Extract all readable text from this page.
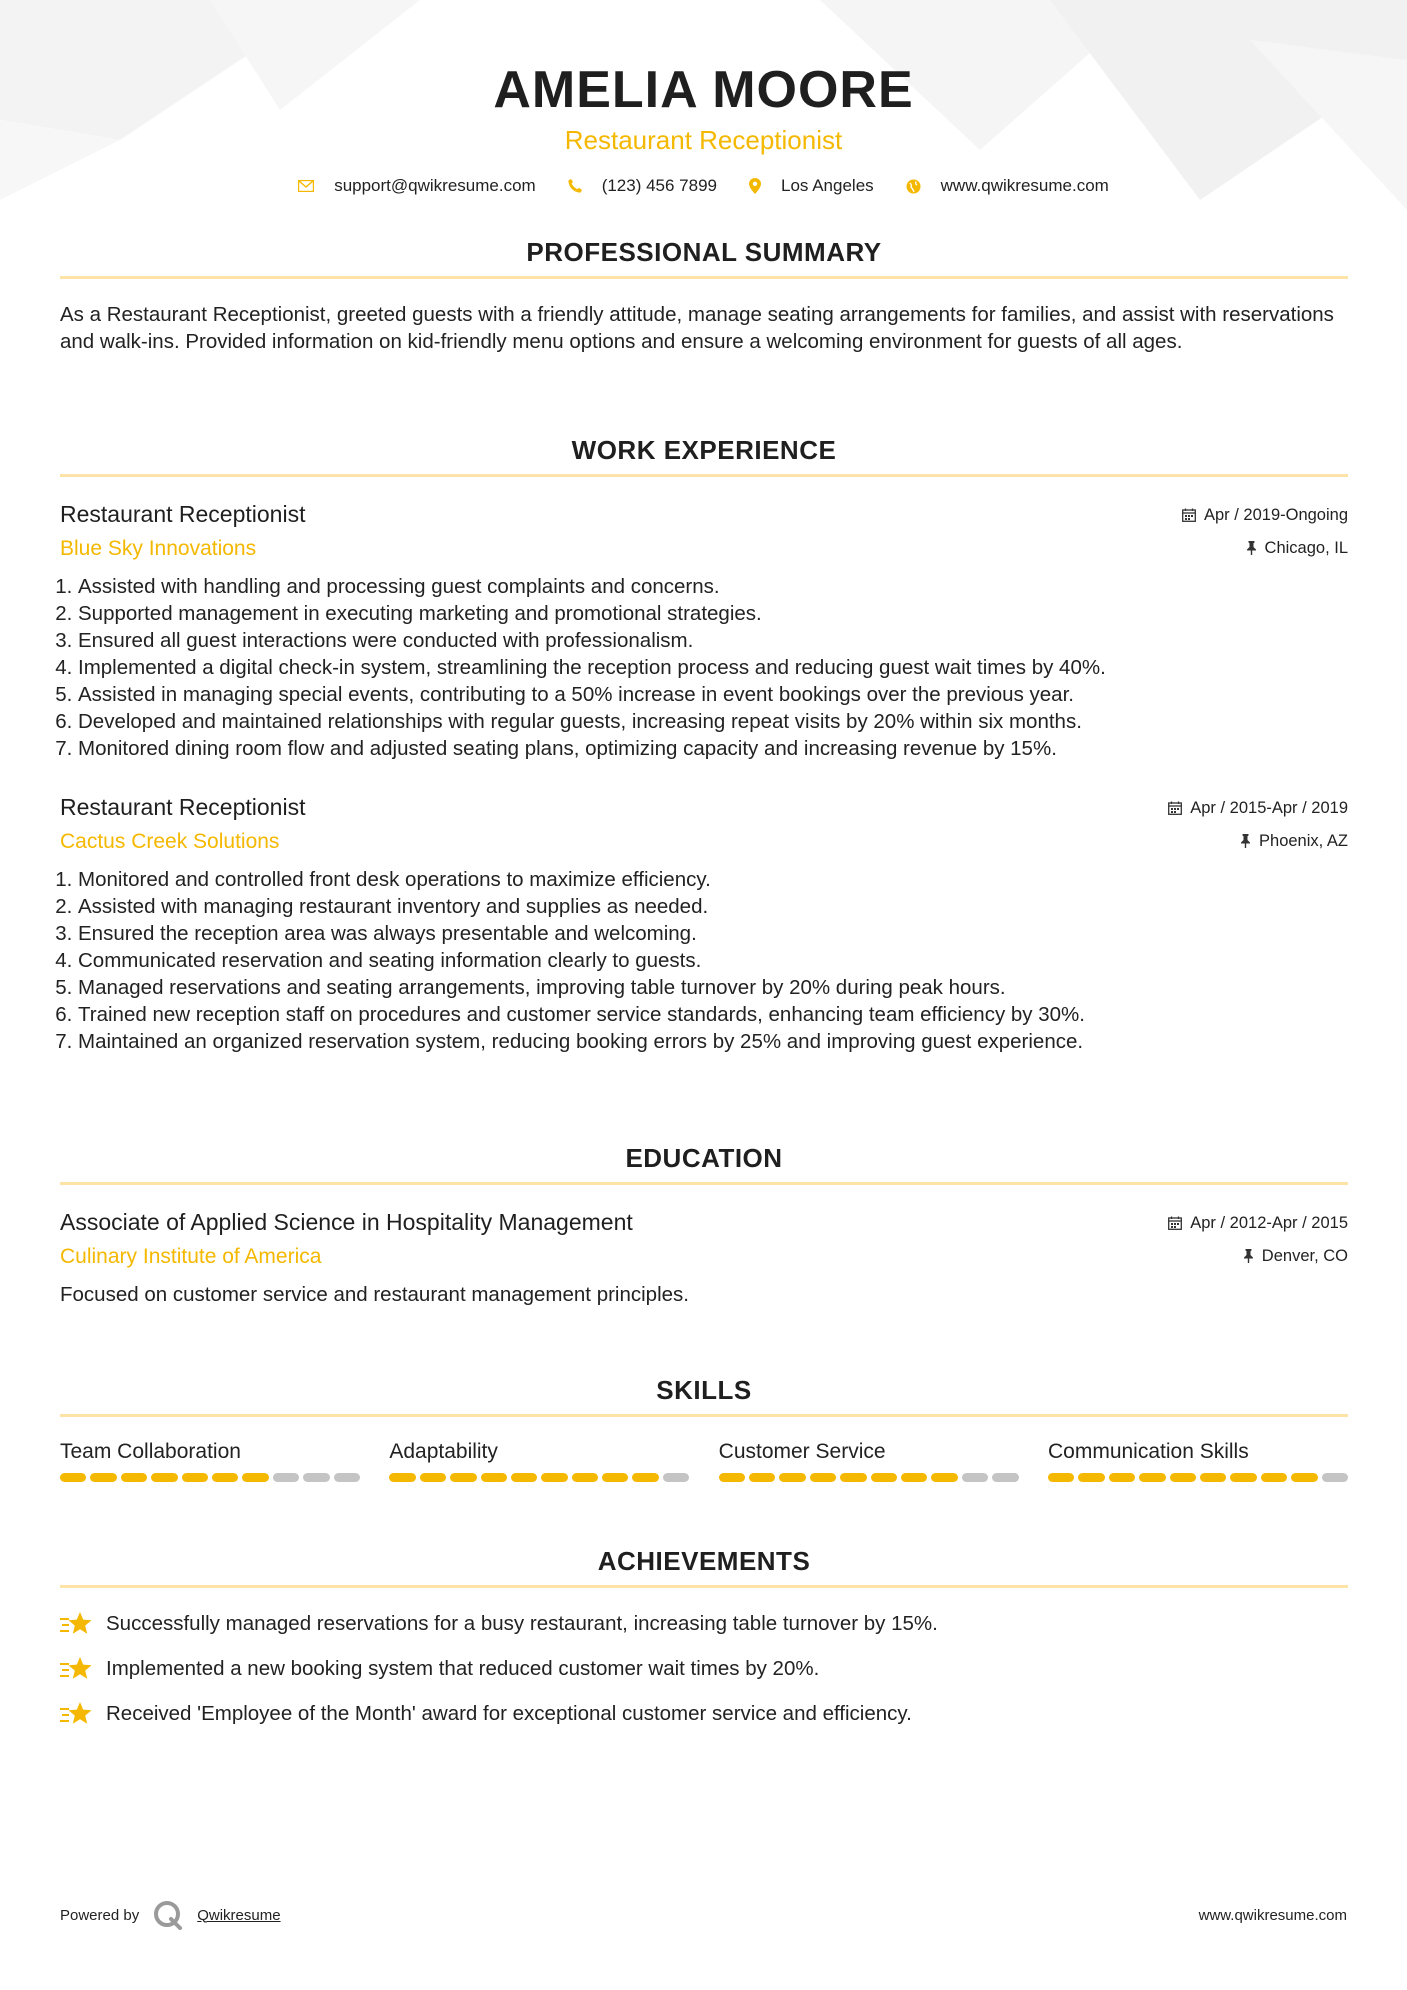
AMELIA MOORE
Restaurant Receptionist
support@qwikresume.com	(123) 456 7899	Los Angeles	www.qwikresume.com
PROFESSIONAL SUMMARY
As a Restaurant Receptionist, greeted guests with a friendly attitude, manage seating arrangements for families, and assist with reservations and walk-ins. Provided information on kid-friendly menu options and ensure a welcoming environment for guests of all ages.
WORK EXPERIENCE
Restaurant Receptionist
Blue Sky Innovations
Apr / 2019-Ongoing
Chicago, IL
1. Assisted with handling and processing guest complaints and concerns.
2. Supported management in executing marketing and promotional strategies.
3. Ensured all guest interactions were conducted with professionalism.
4. Implemented a digital check-in system, streamlining the reception process and reducing guest wait times by 40%.
5. Assisted in managing special events, contributing to a 50% increase in event bookings over the previous year.
6. Developed and maintained relationships with regular guests, increasing repeat visits by 20% within six months.
7. Monitored dining room flow and adjusted seating plans, optimizing capacity and increasing revenue by 15%.
Restaurant Receptionist
Cactus Creek Solutions
Apr / 2015-Apr / 2019
Phoenix, AZ
1. Monitored and controlled front desk operations to maximize efficiency.
2. Assisted with managing restaurant inventory and supplies as needed.
3. Ensured the reception area was always presentable and welcoming.
4. Communicated reservation and seating information clearly to guests.
5. Managed reservations and seating arrangements, improving table turnover by 20% during peak hours.
6. Trained new reception staff on procedures and customer service standards, enhancing team efficiency by 30%.
7. Maintained an organized reservation system, reducing booking errors by 25% and improving guest experience.
EDUCATION
Associate of Applied Science in Hospitality Management
Culinary Institute of America
Apr / 2012-Apr / 2015
Denver, CO
Focused on customer service and restaurant management principles.
SKILLS
Team Collaboration	Adaptability	Customer Service	Communication Skills
ACHIEVEMENTS
Successfully managed reservations for a busy restaurant, increasing table turnover by 15%.
Implemented a new booking system that reduced customer wait times by 20%.
Received 'Employee of the Month' award for exceptional customer service and efficiency.
Powered by	Qwikresume	www.qwikresume.com
